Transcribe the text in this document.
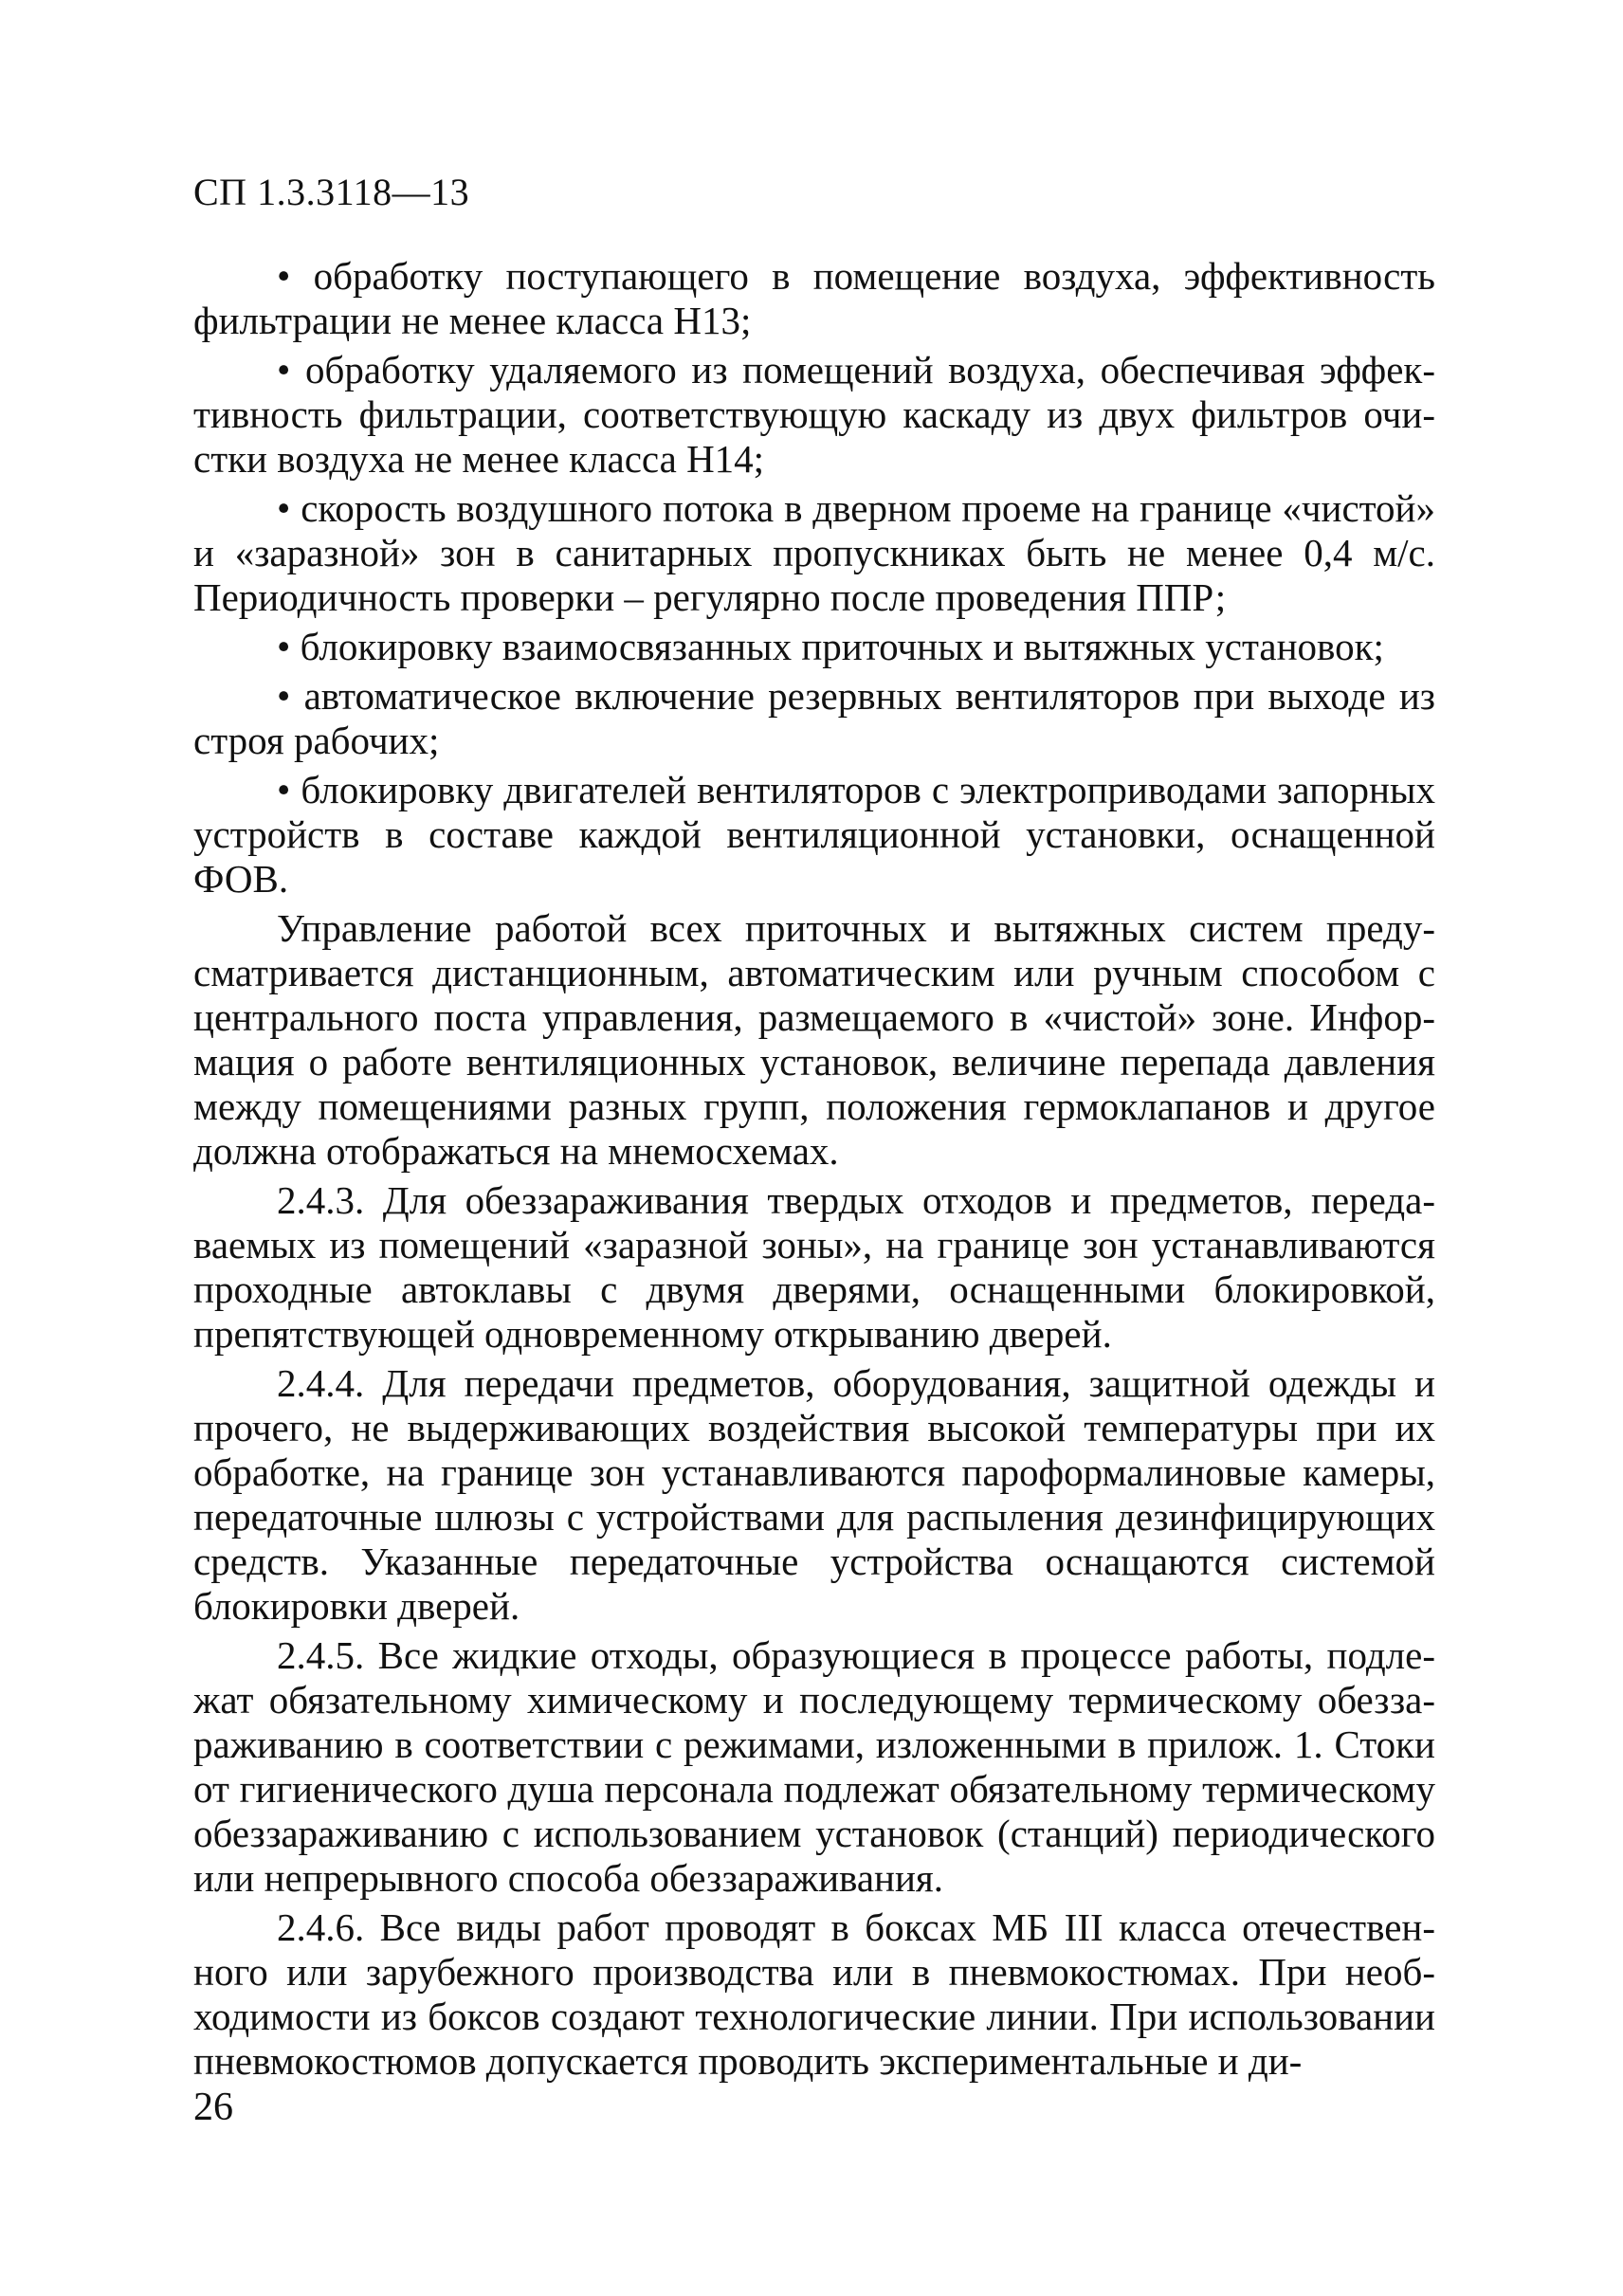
СП 1.3.3118—13

• обработку поступающего в помещение воздуха, эффективность фильтрации не менее класса Н13;

• обработку удаляемого из помещений воздуха, обеспечивая эффективность фильтрации, соответствующую каскаду из двух фильтров очистки воздуха не менее класса Н14;

• скорость воздушного потока в дверном проеме на границе «чистой» и «заразной» зон в санитарных пропускниках быть не менее 0,4 м/с. Периодичность проверки – регулярно после проведения ППР;

• блокировку взаимосвязанных приточных и вытяжных установок;

• автоматическое включение резервных вентиляторов при выходе из строя рабочих;

• блокировку двигателей вентиляторов с электроприводами запорных устройств в составе каждой вентиляционной установки, оснащенной ФОВ.

Управление работой всех приточных и вытяжных систем предусматривается дистанционным, автоматическим или ручным способом с центрального поста управления, размещаемого в «чистой» зоне. Информация о работе вентиляционных установок, величине перепада давления между помещениями разных групп, положения гермоклапанов и другое должна отображаться на мнемосхемах.

2.4.3. Для обеззараживания твердых отходов и предметов, передаваемых из помещений «заразной зоны», на границе зон устанавливаются проходные автоклавы с двумя дверями, оснащенными блокировкой, препятствующей одновременному открыванию дверей.

2.4.4. Для передачи предметов, оборудования, защитной одежды и прочего, не выдерживающих воздействия высокой температуры при их обработке, на границе зон устанавливаются пароформалиновые камеры, передаточные шлюзы с устройствами для распыления дезинфицирующих средств. Указанные передаточные устройства оснащаются системой блокировки дверей.

2.4.5. Все жидкие отходы, образующиеся в процессе работы, подлежат обязательному химическому и последующему термическому обеззараживанию в соответствии с режимами, изложенными в прилож. 1. Стоки от гигиенического душа персонала подлежат обязательному термическому обеззараживанию с использованием установок (станций) периодического или непрерывного способа обеззараживания.

2.4.6. Все виды работ проводят в боксах МБ III класса отечественного или зарубежного производства или в пневмокостюмах. При необходимости из боксов создают технологические линии. При использовании пневмокостюмов допускается проводить экспериментальные и ди-

26
